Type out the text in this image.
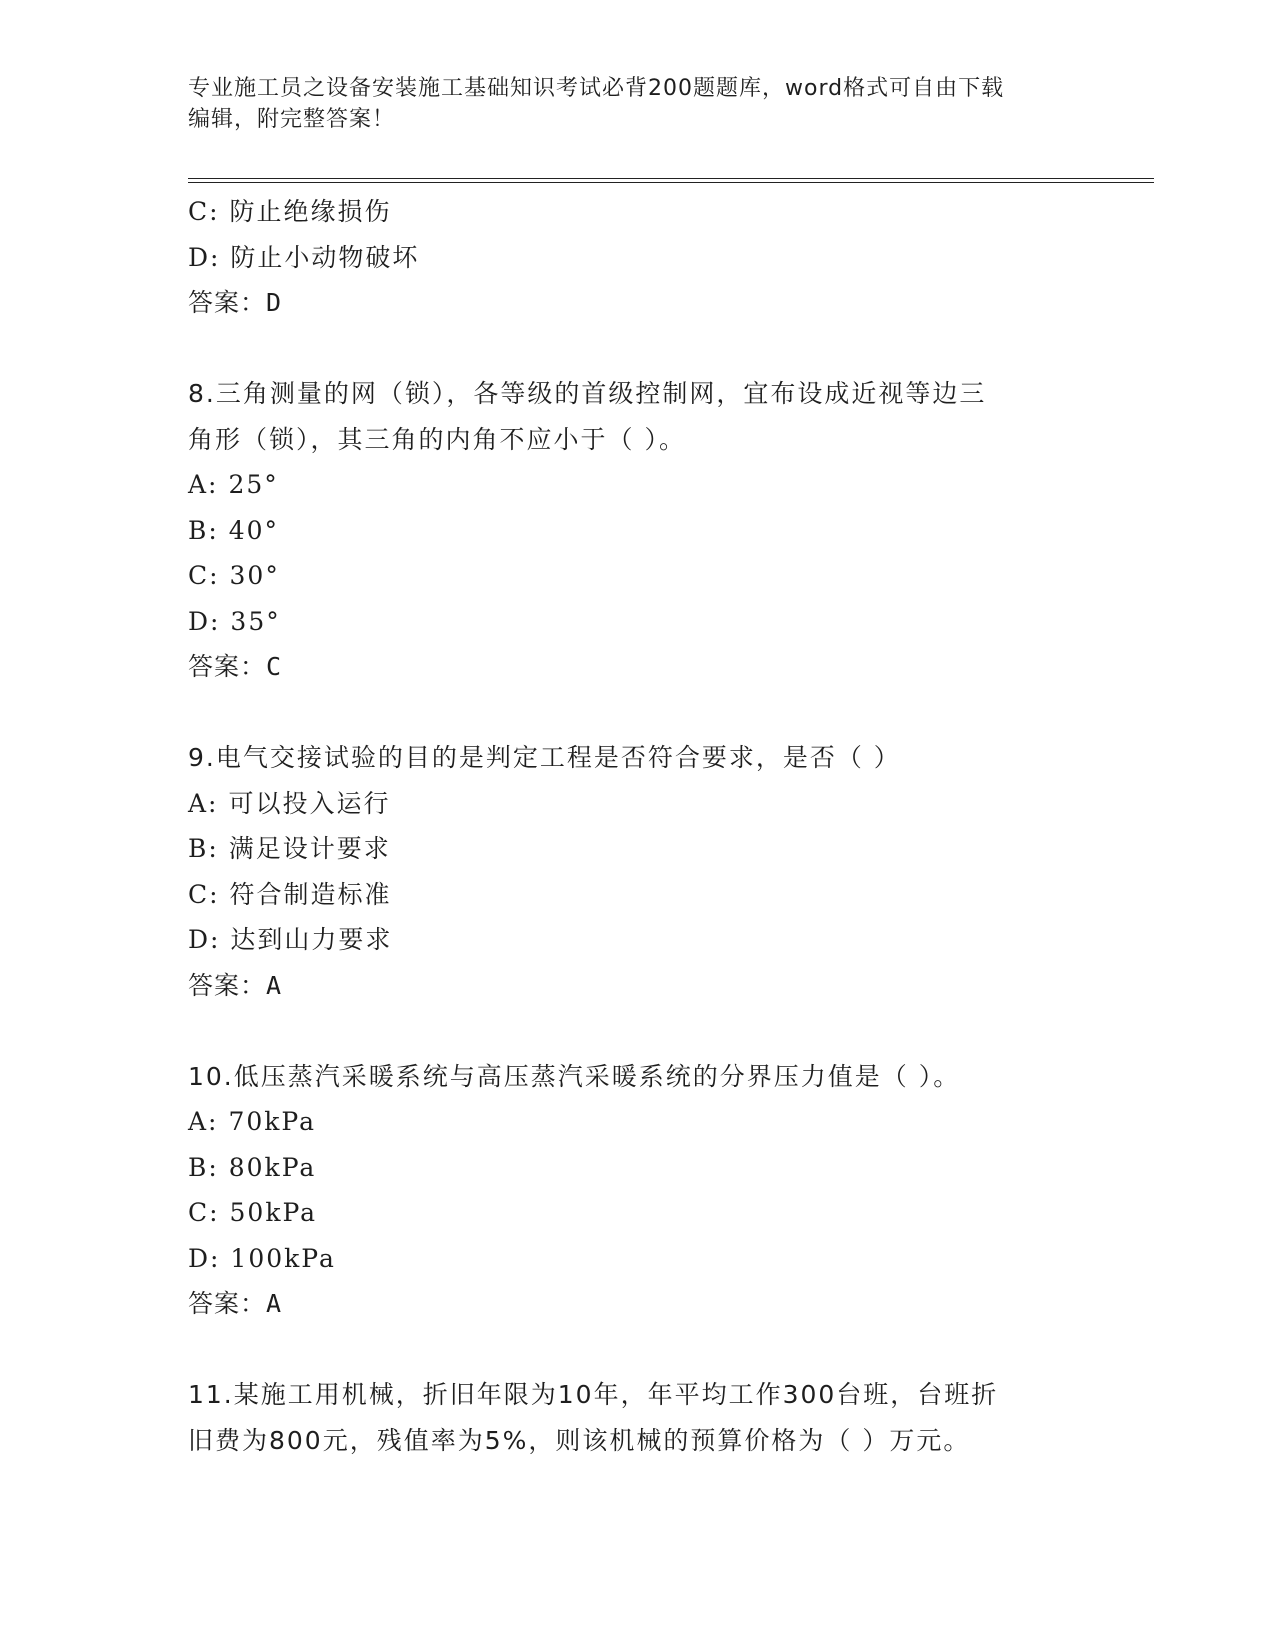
专业施工员之设备安装施工基础知识考试必背200题题库，word格式可自由下载
编辑，附完整答案！
C: 防止绝缘损伤
D: 防止小动物破坏
答案：D
8.三角测量的网（锁），各等级的首级控制网，宜布设成近视等边三
角形（锁），其三角的内角不应小于（ ）。
A: 25°
B: 40°
C: 30°
D: 35°
答案：C
9.电气交接试验的目的是判定工程是否符合要求，是否（ ）
A: 可以投入运行
B: 满足设计要求
C: 符合制造标准
D: 达到山力要求
答案：A
10.低压蒸汽采暖系统与高压蒸汽采暖系统的分界压力值是（ ）。
A: 70kPa
B: 80kPa
C: 50kPa
D: 100kPa
答案：A
11.某施工用机械，折旧年限为10年，年平均工作300台班，台班折
旧费为800元，残值率为5%，则该机械的预算价格为（ ）万元。
